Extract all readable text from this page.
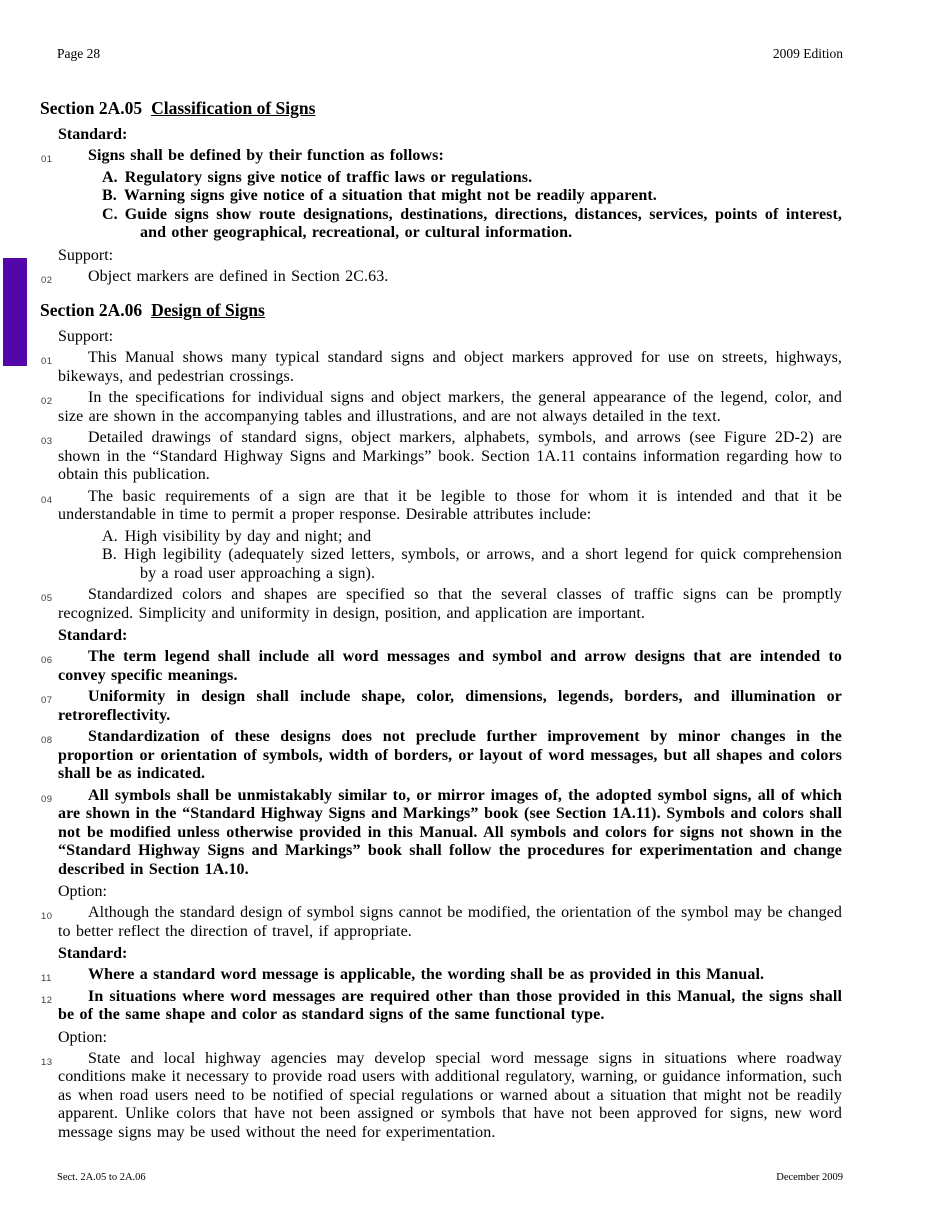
Page 28	2009 Edition
Section 2A.05 Classification of Signs
Standard:
01 Signs shall be defined by their function as follows:
A. Regulatory signs give notice of traffic laws or regulations.
B. Warning signs give notice of a situation that might not be readily apparent.
C. Guide signs show route designations, destinations, directions, distances, services, points of interest, and other geographical, recreational, or cultural information.
Support:
02 Object markers are defined in Section 2C.63.
Section 2A.06 Design of Signs
Support:
01 This Manual shows many typical standard signs and object markers approved for use on streets, highways, bikeways, and pedestrian crossings.
02 In the specifications for individual signs and object markers, the general appearance of the legend, color, and size are shown in the accompanying tables and illustrations, and are not always detailed in the text.
03 Detailed drawings of standard signs, object markers, alphabets, symbols, and arrows (see Figure 2D-2) are shown in the “Standard Highway Signs and Markings” book. Section 1A.11 contains information regarding how to obtain this publication.
04 The basic requirements of a sign are that it be legible to those for whom it is intended and that it be understandable in time to permit a proper response. Desirable attributes include:
A. High visibility by day and night; and
B. High legibility (adequately sized letters, symbols, or arrows, and a short legend for quick comprehension by a road user approaching a sign).
05 Standardized colors and shapes are specified so that the several classes of traffic signs can be promptly recognized. Simplicity and uniformity in design, position, and application are important.
Standard:
06 The term legend shall include all word messages and symbol and arrow designs that are intended to convey specific meanings.
07 Uniformity in design shall include shape, color, dimensions, legends, borders, and illumination or retroreflectivity.
08 Standardization of these designs does not preclude further improvement by minor changes in the proportion or orientation of symbols, width of borders, or layout of word messages, but all shapes and colors shall be as indicated.
09 All symbols shall be unmistakably similar to, or mirror images of, the adopted symbol signs, all of which are shown in the “Standard Highway Signs and Markings” book (see Section 1A.11). Symbols and colors shall not be modified unless otherwise provided in this Manual. All symbols and colors for signs not shown in the “Standard Highway Signs and Markings” book shall follow the procedures for experimentation and change described in Section 1A.10.
Option:
10 Although the standard design of symbol signs cannot be modified, the orientation of the symbol may be changed to better reflect the direction of travel, if appropriate.
Standard:
11 Where a standard word message is applicable, the wording shall be as provided in this Manual.
12 In situations where word messages are required other than those provided in this Manual, the signs shall be of the same shape and color as standard signs of the same functional type.
Option:
13 State and local highway agencies may develop special word message signs in situations where roadway conditions make it necessary to provide road users with additional regulatory, warning, or guidance information, such as when road users need to be notified of special regulations or warned about a situation that might not be readily apparent. Unlike colors that have not been assigned or symbols that have not been approved for signs, new word message signs may be used without the need for experimentation.
Sect. 2A.05 to 2A.06	December 2009
